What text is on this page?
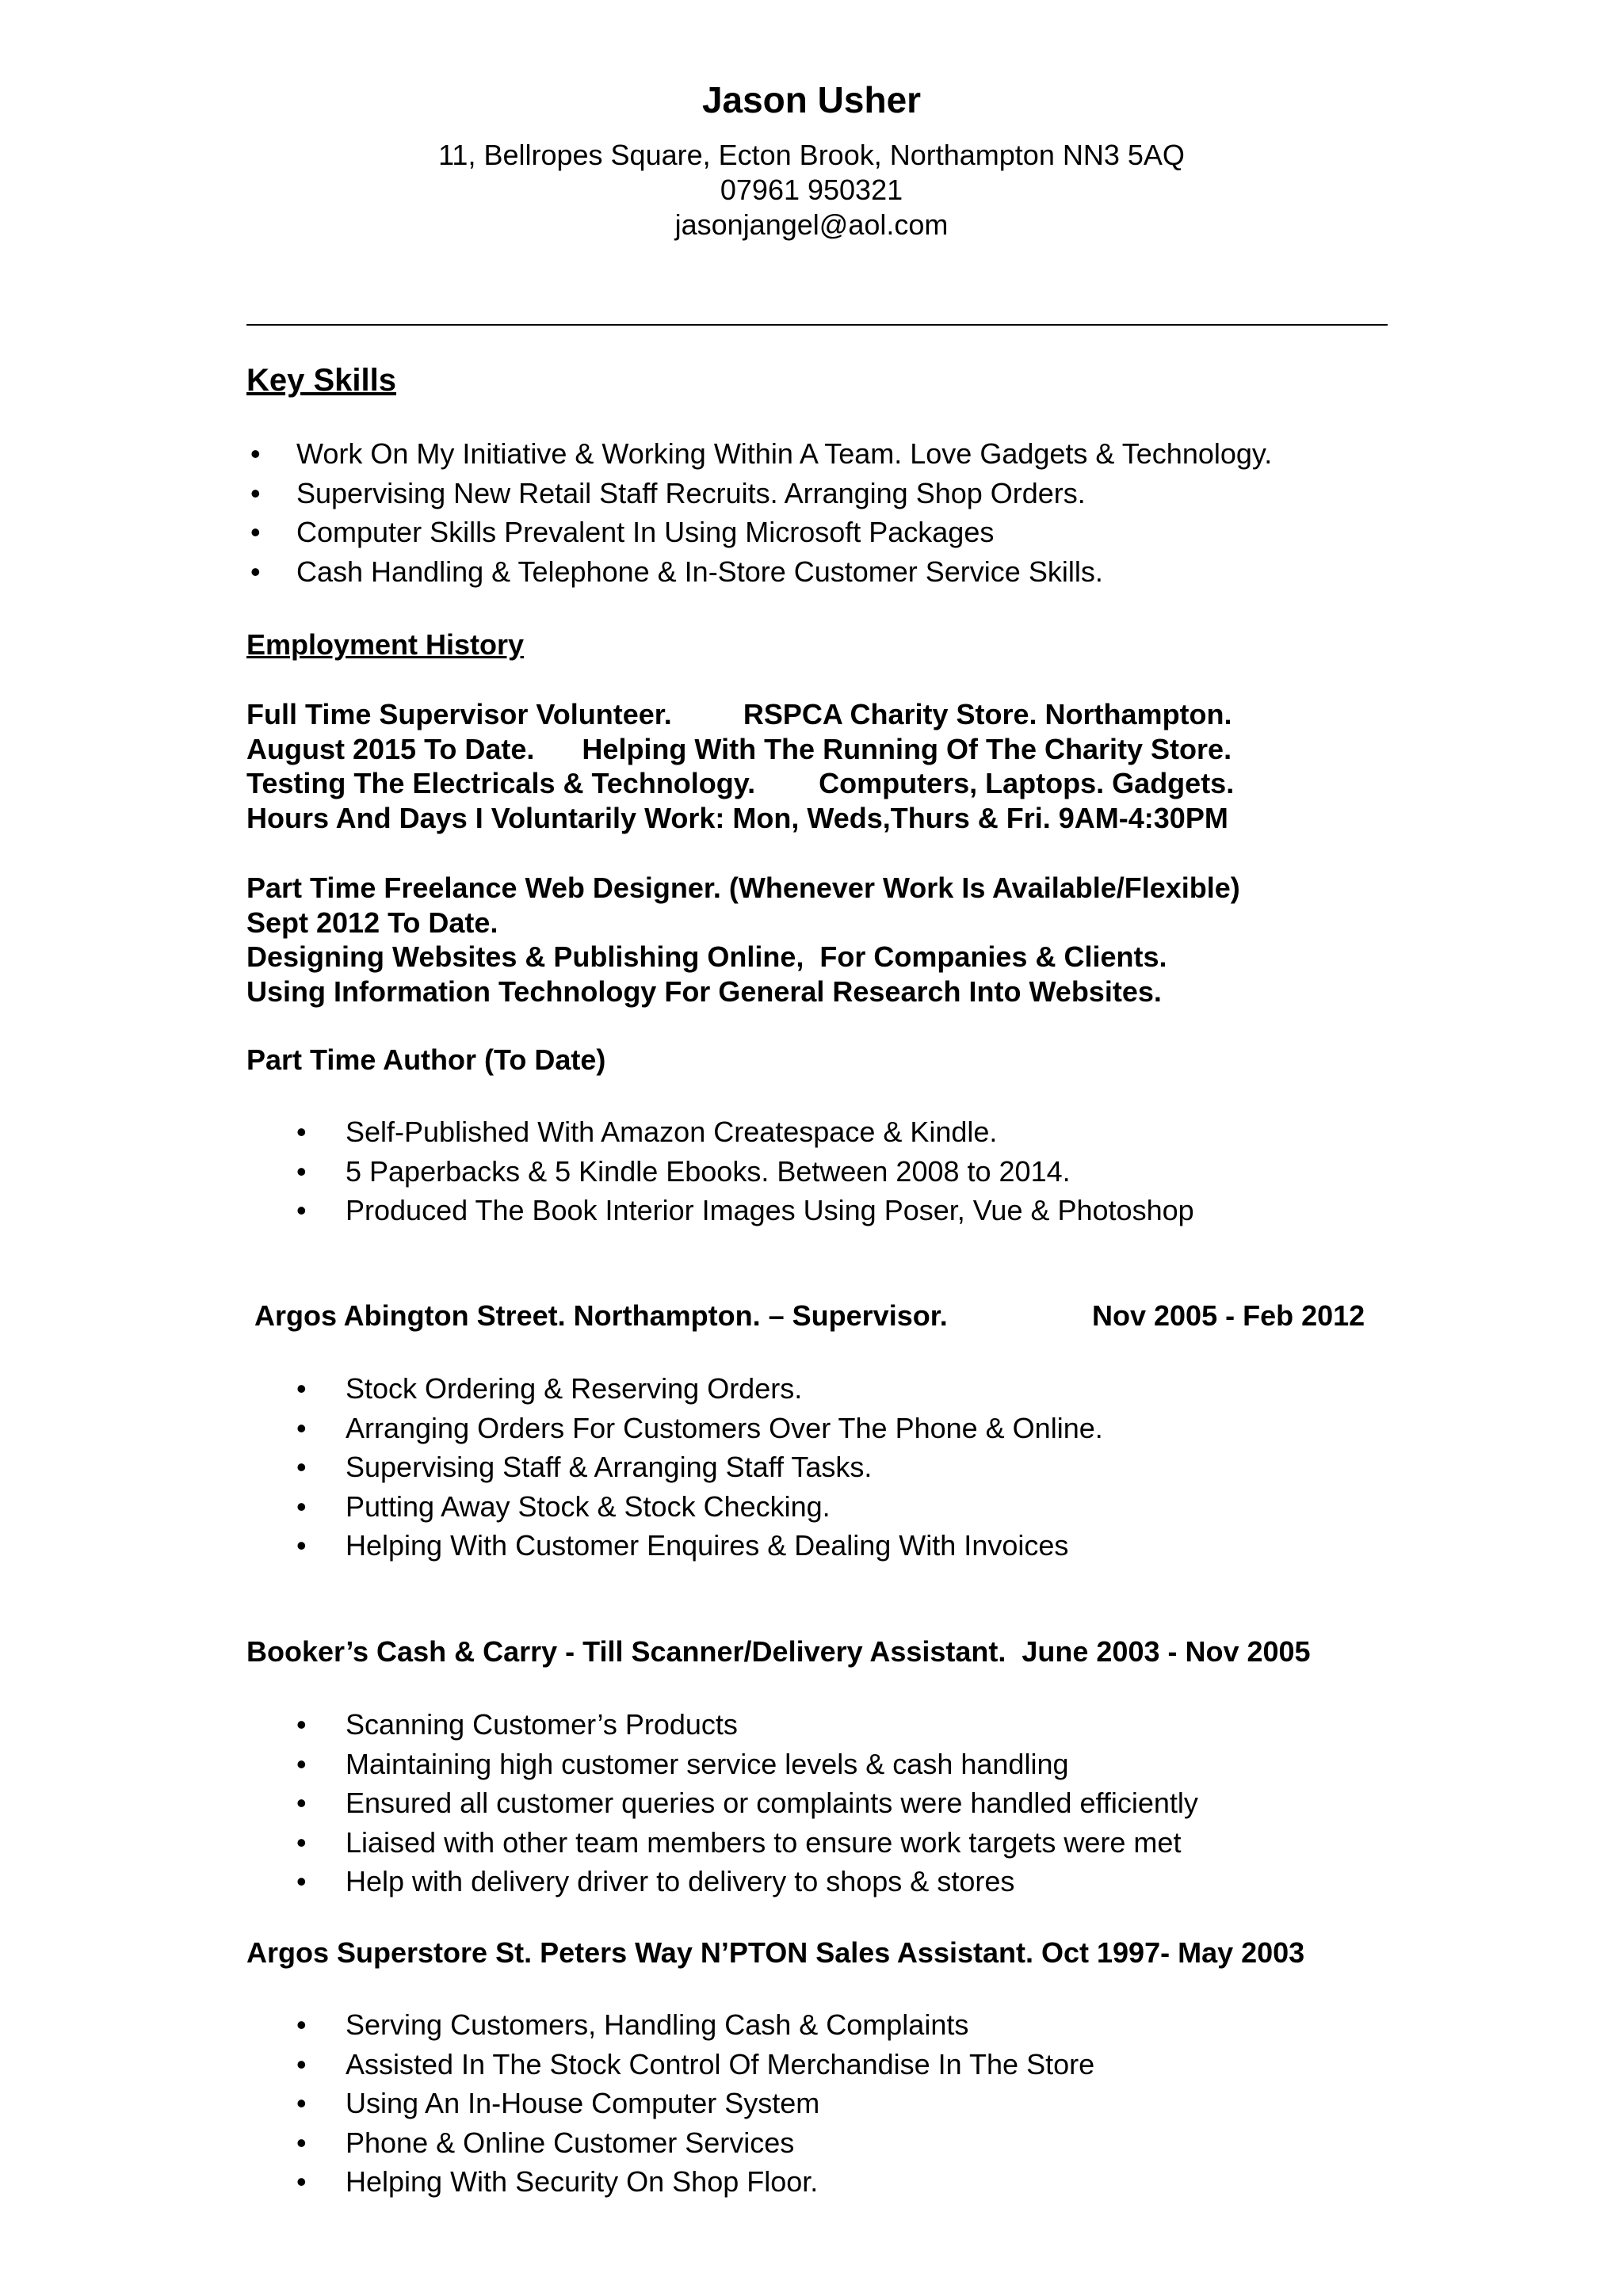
Jason Usher
11, Bellropes Square, Ecton Brook, Northampton NN3 5AQ
07961 950321
jasonjangel@aol.com
Key Skills
• Work On My Initiative & Working Within A Team. Love Gadgets & Technology.
• Supervising New Retail Staff Recruits. Arranging Shop Orders.
• Computer Skills Prevalent In Using Microsoft Packages
• Cash Handling & Telephone & In-Store Customer Service Skills.
Employment History
Full Time Supervisor Volunteer.         RSPCA Charity Store. Northampton.
August 2015 To Date.      Helping With The Running Of The Charity Store.
Testing The Electricals & Technology.        Computers, Laptops. Gadgets.
Hours And Days I Voluntarily Work: Mon, Weds,Thurs & Fri. 9AM-4:30PM
Part Time Freelance Web Designer. (Whenever Work Is Available/Flexible)
Sept 2012 To Date.
Designing Websites & Publishing Online,  For Companies & Clients.
Using Information Technology For General Research Into Websites.
Part Time Author (To Date)
• Self-Published With Amazon Createspace & Kindle.
• 5 Paperbacks & 5 Kindle Ebooks. Between 2008 to 2014.
• Produced The Book Interior Images Using Poser, Vue & Photoshop
Argos Abington Street. Northampton. – Supervisor.	Nov 2005 - Feb 2012
• Stock Ordering & Reserving Orders.
• Arranging Orders For Customers Over The Phone & Online.
• Supervising Staff & Arranging Staff Tasks.
• Putting Away Stock & Stock Checking.
• Helping With Customer Enquires & Dealing With Invoices
Booker’s Cash & Carry - Till Scanner/Delivery Assistant.  June 2003 - Nov 2005
• Scanning Customer’s Products
• Maintaining high customer service levels & cash handling
• Ensured all customer queries or complaints were handled efficiently
• Liaised with other team members to ensure work targets were met
• Help with delivery driver to delivery to shops & stores
Argos Superstore St. Peters Way N’PTON Sales Assistant. Oct 1997- May 2003
• Serving Customers, Handling Cash & Complaints
• Assisted In The Stock Control Of Merchandise In The Store
• Using An In-House Computer System
• Phone & Online Customer Services
• Helping With Security On Shop Floor.
